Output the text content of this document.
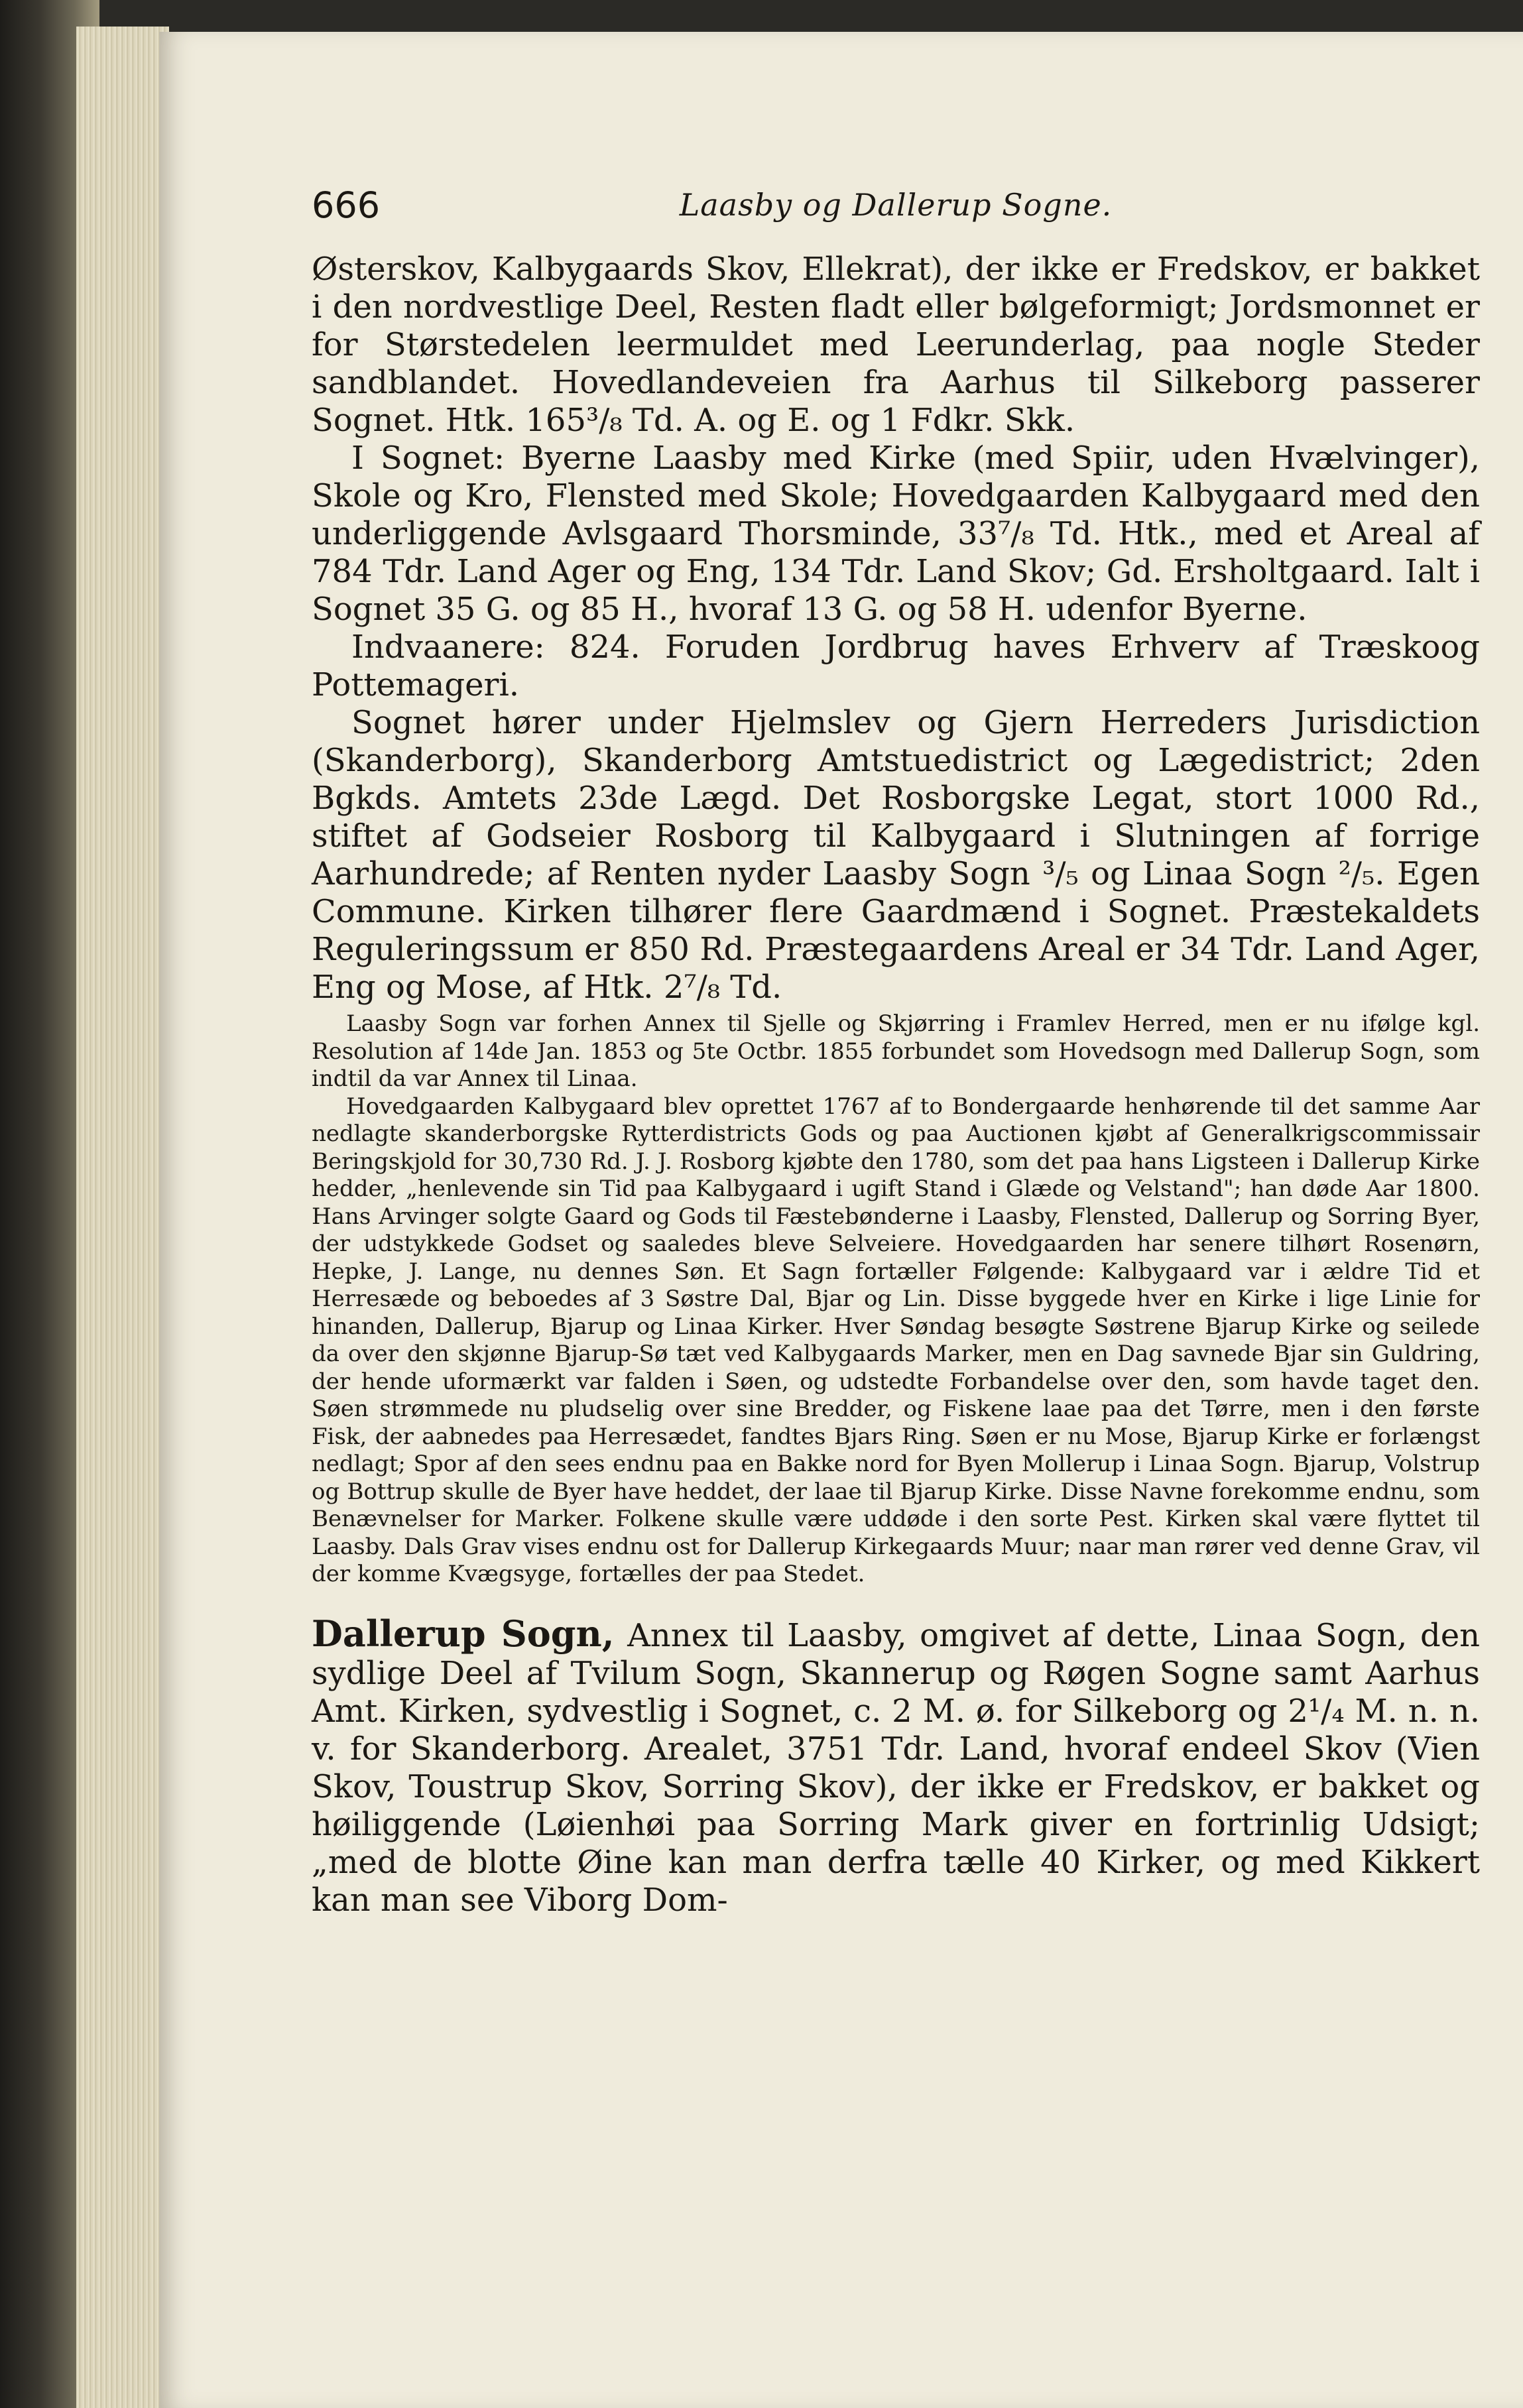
666	Laasby og Dallerup Sogne.

Østerskov, Kalbygaards Skov, Ellekrat), der ikke er Fredskov, er bakket i den nordvestlige Deel, Resten fladt eller bølgeformigt; Jordsmonnet er for Størstedelen leermuldet med Leerunderlag, paa nogle Steder sandblandet. Hovedlandeveien fra Aarhus til Silkeborg passerer Sognet. Htk. 165³/₈ Td. A. og E. og 1 Fdkr. Skk.

I Sognet: Byerne Laasby med Kirke (med Spiir, uden Hvælvinger), Skole og Kro, Flensted med Skole; Hovedgaarden Kalbygaard med den underliggende Avlsgaard Thorsminde, 33⁷/₈ Td. Htk., med et Areal af 784 Tdr. Land Ager og Eng, 134 Tdr. Land Skov; Gd. Ersholtgaard. Ialt i Sognet 35 G. og 85 H., hvoraf 13 G. og 58 H. udenfor Byerne.

Indvaanere: 824. Foruden Jordbrug haves Erhverv af Træskoog Pottemageri.

Sognet hører under Hjelmslev og Gjern Herreders Jurisdiction (Skanderborg), Skanderborg Amtstuedistrict og Lægedistrict; 2den Bgkds. Amtets 23de Lægd. Det Rosborgske Legat, stort 1000 Rd., stiftet af Godseier Rosborg til Kalbygaard i Slutningen af forrige Aarhundrede; af Renten nyder Laasby Sogn ³/₅ og Linaa Sogn ²/₅. Egen Commune. Kirken tilhører flere Gaardmænd i Sognet. Præstekaldets Reguleringssum er 850 Rd. Præstegaardens Areal er 34 Tdr. Land Ager, Eng og Mose, af Htk. 2⁷/₈ Td.

Laasby Sogn var forhen Annex til Sjelle og Skjørring i Framlev Herred, men er nu ifølge kgl. Resolution af 14de Jan. 1853 og 5te Octbr. 1855 forbundet som Hovedsogn med Dallerup Sogn, som indtil da var Annex til Linaa.

Hovedgaarden Kalbygaard blev oprettet 1767 af to Bondergaarde henhørende til det samme Aar nedlagte skanderborgske Rytterdistricts Gods og paa Auctionen kjøbt af Generalkrigscommissair Beringskjold for 30,730 Rd. J. J. Rosborg kjøbte den 1780, som det paa hans Ligsteen i Dallerup Kirke hedder, „henlevende sin Tid paa Kalbygaard i ugift Stand i Glæde og Velstand"; han døde Aar 1800. Hans Arvinger solgte Gaard og Gods til Fæstebønderne i Laasby, Flensted, Dallerup og Sorring Byer, der udstykkede Godset og saaledes bleve Selveiere. Hovedgaarden har senere tilhørt Rosenørn, Hepke, J. Lange, nu dennes Søn. Et Sagn fortæller Følgende: Kalbygaard var i ældre Tid et Herresæde og beboedes af 3 Søstre Dal, Bjar og Lin. Disse byggede hver en Kirke i lige Linie for hinanden, Dallerup, Bjarup og Linaa Kirker. Hver Søndag besøgte Søstrene Bjarup Kirke og seilede da over den skjønne Bjarup-Sø tæt ved Kalbygaards Marker, men en Dag savnede Bjar sin Guldring, der hende uformærkt var falden i Søen, og udstedte Forbandelse over den, som havde taget den. Søen strømmede nu pludselig over sine Bredder, og Fiskene laae paa det Tørre, men i den første Fisk, der aabnedes paa Herresædet, fandtes Bjars Ring. Søen er nu Mose, Bjarup Kirke er forlængst nedlagt; Spor af den sees endnu paa en Bakke nord for Byen Mollerup i Linaa Sogn. Bjarup, Volstrup og Bottrup skulle de Byer have heddet, der laae til Bjarup Kirke. Disse Navne forekomme endnu, som Benævnelser for Marker. Folkene skulle være uddøde i den sorte Pest. Kirken skal være flyttet til Laasby. Dals Grav vises endnu ost for Dallerup Kirkegaards Muur; naar man rører ved denne Grav, vil der komme Kvægsyge, fortælles der paa Stedet.

Dallerup Sogn, Annex til Laasby, omgivet af dette, Linaa Sogn, den sydlige Deel af Tvilum Sogn, Skannerup og Røgen Sogne samt Aarhus Amt. Kirken, sydvestlig i Sognet, c. 2 M. ø. for Silkeborg og 2¹/₄ M. n. n. v. for Skanderborg. Arealet, 3751 Tdr. Land, hvoraf endeel Skov (Vien Skov, Toustrup Skov, Sorring Skov), der ikke er Fredskov, er bakket og høiliggende (Løienhøi paa Sorring Mark giver en fortrinlig Udsigt; „med de blotte Øine kan man derfra tælle 40 Kirker, og med Kikkert kan man see Viborg Dom-
